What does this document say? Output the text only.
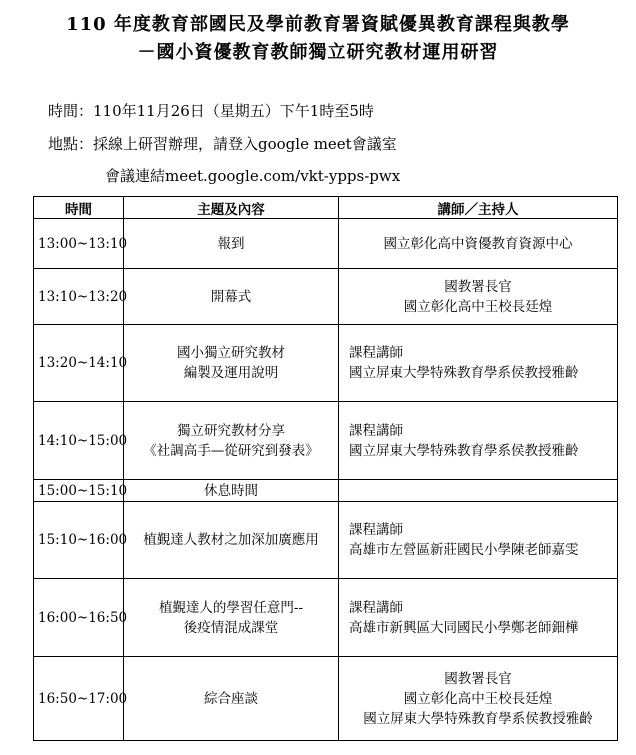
110 年度教育部國民及學前教育署資賦優異教育課程與教學
－國小資優教育教師獨立研究教材運用研習
時間：110年11月26日（星期五）下午1時至5時
地點：採線上研習辦理，請登入google meet會議室
會議連結meet.google.com/vkt-ypps-pwx
時間	主題及內容	講師／主持人
13:00~13:10	報到	國立彰化高中資優教育資源中心

13:10~13:20	開幕式	國教署長官
國立彰化高中王校長廷煌

13:20~14:10	國小獨立研究教材
編製及運用說明	課程講師
國立屏東大學特殊教育學系侯教授雅齡

14:10~15:00	獨立研究教材分享
《社調高手—從研究到發表》	課程講師
國立屏東大學特殊教育學系侯教授雅齡

15:00~15:10	休息時間	

15:10~16:00	植覲達人教材之加深加廣應用	課程講師
高雄市左營區新莊國民小學陳老師嘉雯

16:00~16:50	植覲達人的學習任意門--
後疫情混成課堂	課程講師
高雄市新興區大同國民小學鄭老師鈿樺

16:50~17:00	綜合座談	國教署長官
國立彰化高中王校長廷煌
國立屏東大學特殊教育學系侯教授雅齡
